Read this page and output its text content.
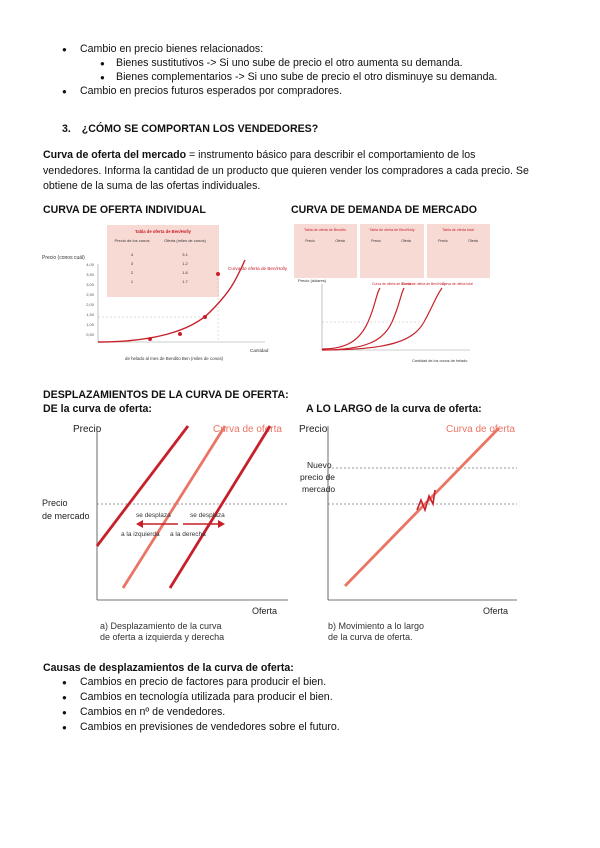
● Cambio en precio bienes relacionados:
● Bienes sustitutivos -> Si uno sube de precio el otro aumenta su demanda.
● Bienes complementarios -> Si uno sube de precio el otro disminuye su demanda.
● Cambio en precios futuros esperados por compradores.
3. ¿CÓMO SE COMPORTAN LOS VENDEDORES?
Curva de oferta del mercado = instrumento básico para describir el comportamiento de los
vendedores. Informa la cantidad de un producto que quieren vender los compradores a cada precio. Se
obtiene de la suma de las ofertas individuales.
CURVA DE OFERTA INDIVIDUAL	CURVA DE DEMANDA DE MERCADO
Tabla de oferta de Ben/Holly
Precio de los conos	Oferta (miles de conos)
4	3.1
3	1.2
2	1.6
1	1.7
Precio (conos cuál)
4,00
3,50
3,00
2,50
2,00
1,50
1,00
0,50
Curva de oferta de Ben/Holly
Cantidad
de helado al mes de Bendito Ben (miles de conos)
Tabla de oferta de Bendito	Tabla de oferta de Ben/Holly	Tabla de oferta total
Precio	Oferta	Precio	Oferta	Precio	Oferta
Precio (dólares)
Curva de oferta de Bendito
Curva de oferta de Ben/Holly
Curva de oferta total
Cantidad de los conos de helado
DESPLAZAMIENTOS DE LA CURVA DE OFERTA:
DE la curva de oferta:	A LO LARGO de la curva de oferta:
Precio	Curva de oferta
Precio
de mercado	se desplaza
a la izquierda
se desplaza
a la derecha
Oferta
a) Desplazamiento de la curva
de oferta a izquierda y derecha
Precio	Curva de oferta
Nuevo
precio de
mercado
Oferta
b) Movimiento a lo largo
de la curva de oferta.
Causas de desplazamientos de la curva de oferta:
● Cambios en precio de factores para producir el bien.
● Cambios en tecnología utilizada para producir el bien.
● Cambios en nº de vendedores.
● Cambios en previsiones de vendedores sobre el futuro.
